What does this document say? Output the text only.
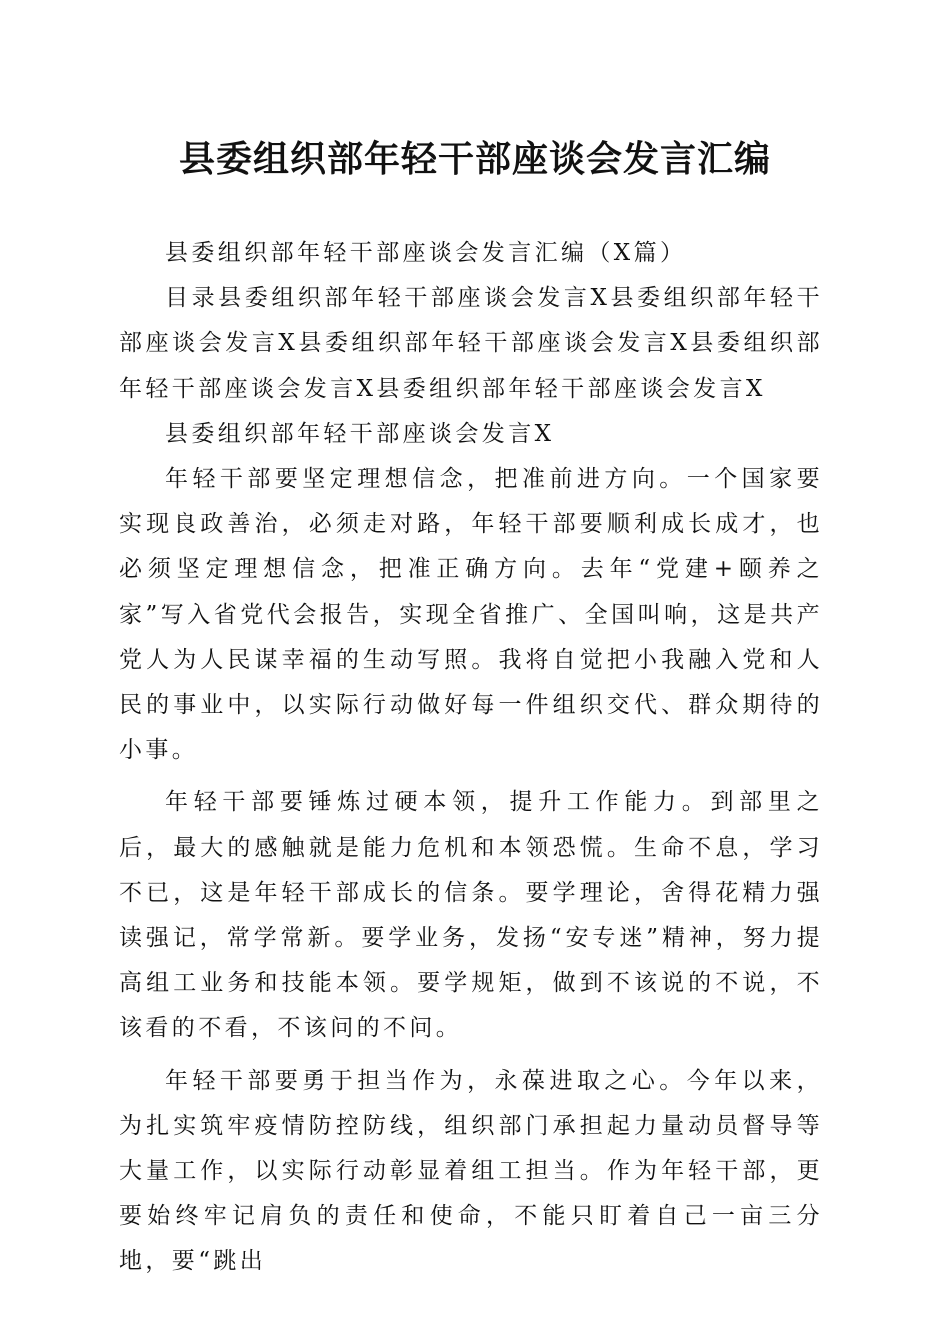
县委组织部年轻干部座谈会发言汇编

县委组织部年轻干部座谈会发言汇编（X篇）

目录县委组织部年轻干部座谈会发言X县委组织部年轻干部座谈会发言X县委组织部年轻干部座谈会发言X县委组织部年轻干部座谈会发言X县委组织部年轻干部座谈会发言X

县委组织部年轻干部座谈会发言X

年轻干部要坚定理想信念，把准前进方向。一个国家要实现良政善治，必须走对路，年轻干部要顺利成长成才，也必须坚定理想信念，把准正确方向。去年“党建+颐养之家”写入省党代会报告，实现全省推广、全国叫响，这是共产党人为人民谋幸福的生动写照。我将自觉把小我融入党和人民的事业中，以实际行动做好每一件组织交代、群众期待的小事。

年轻干部要锤炼过硬本领，提升工作能力。到部里之后，最大的感触就是能力危机和本领恐慌。生命不息，学习不已，这是年轻干部成长的信条。要学理论，舍得花精力强读强记，常学常新。要学业务，发扬“安专迷”精神，努力提高组工业务和技能本领。要学规矩，做到不该说的不说，不该看的不看，不该问的不问。

年轻干部要勇于担当作为，永葆进取之心。今年以来，为扎实筑牢疫情防控防线，组织部门承担起力量动员督导等大量工作，以实际行动彰显着组工担当。作为年轻干部，更要始终牢记肩负的责任和使命，不能只盯着自己一亩三分地，要“跳出
